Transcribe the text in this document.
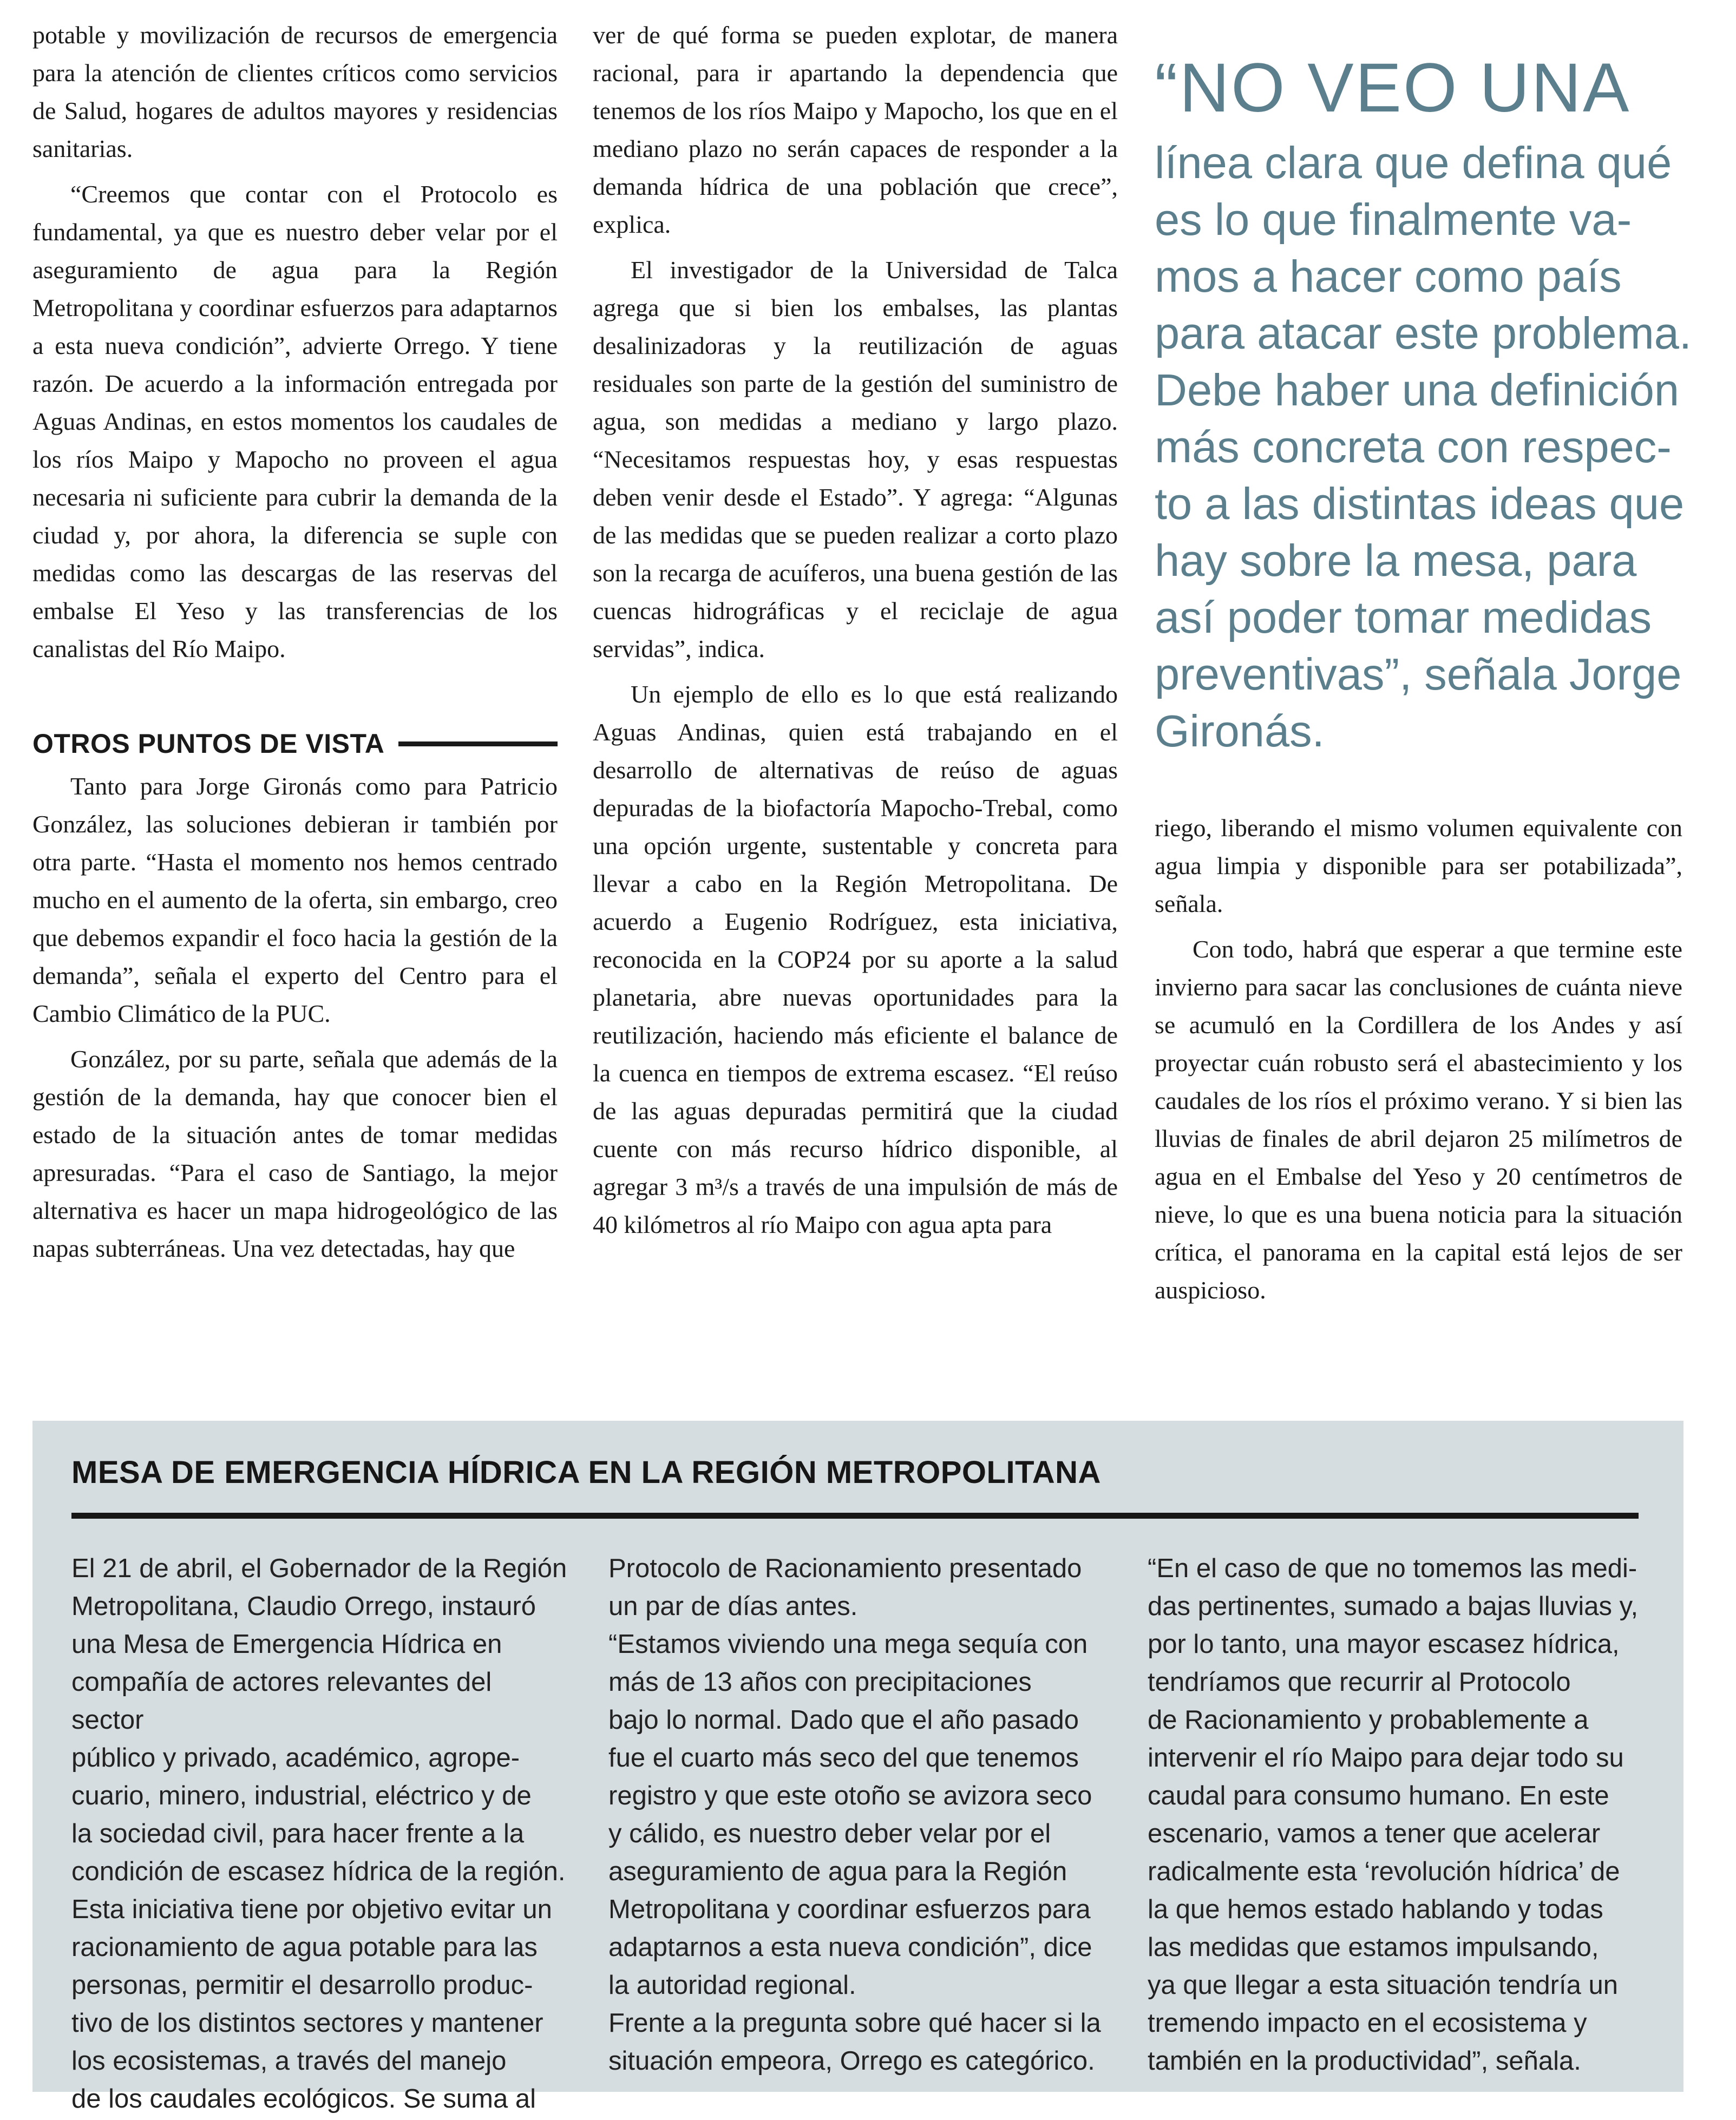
potable y movilización de recursos de emergencia para la atención de clientes críticos como servicios de Salud, hogares de adultos mayores y residencias sanitarias.

“Creemos que contar con el Protocolo es fundamental, ya que es nuestro deber velar por el aseguramiento de agua para la Región Metropolitana y coordinar esfuerzos para adaptarnos a esta nueva condición”, advierte Orrego. Y tiene razón. De acuerdo a la información entregada por Aguas Andinas, en estos momentos los caudales de los ríos Maipo y Mapocho no proveen el agua necesaria ni suficiente para cubrir la demanda de la ciudad y, por ahora, la diferencia se suple con medidas como las descargas de las reservas del embalse El Yeso y las transferencias de los canalistas del Río Maipo.

OTROS PUNTOS DE VISTA

Tanto para Jorge Gironás como para Patricio González, las soluciones debieran ir también por otra parte. “Hasta el momento nos hemos centrado mucho en el aumento de la oferta, sin embargo, creo que debemos expandir el foco hacia la gestión de la demanda”, señala el experto del Centro para el Cambio Climático de la PUC.

González, por su parte, señala que además de la gestión de la demanda, hay que conocer bien el estado de la situación antes de tomar medidas apresuradas. “Para el caso de Santiago, la mejor alternativa es hacer un mapa hidrogeológico de las napas subterráneas. Una vez detectadas, hay que

ver de qué forma se pueden explotar, de manera racional, para ir apartando la dependencia que tenemos de los ríos Maipo y Mapocho, los que en el mediano plazo no serán capaces de responder a la demanda hídrica de una población que crece”, explica.

El investigador de la Universidad de Talca agrega que si bien los embalses, las plantas desalinizadoras y la reutilización de aguas residuales son parte de la gestión del suministro de agua, son medidas a mediano y largo plazo. “Necesitamos respuestas hoy, y esas respuestas deben venir desde el Estado”. Y agrega: “Algunas de las medidas que se pueden realizar a corto plazo son la recarga de acuíferos, una buena gestión de las cuencas hidrográficas y el reciclaje de agua servidas”, indica.

Un ejemplo de ello es lo que está realizando Aguas Andinas, quien está trabajando en el desarrollo de alternativas de reúso de aguas depuradas de la biofactoría Mapocho-Trebal, como una opción urgente, sustentable y concreta para llevar a cabo en la Región Metropolitana. De acuerdo a Eugenio Rodríguez, esta iniciativa, reconocida en la COP24 por su aporte a la salud planetaria, abre nuevas oportunidades para la reutilización, haciendo más eficiente el balance de la cuenca en tiempos de extrema escasez. “El reúso de las aguas depuradas permitirá que la ciudad cuente con más recurso hídrico disponible, al agregar 3 m³/s a través de una impulsión de más de 40 kilómetros al río Maipo con agua apta para

“NO VEO UNA
línea clara que defina qué
es lo que finalmente va-
mos a hacer como país
para atacar este problema.
Debe haber una definición
más concreta con respec-
to a las distintas ideas que
hay sobre la mesa, para
así poder tomar medidas
preventivas”, señala Jorge
Gironás.

riego, liberando el mismo volumen equivalente con agua limpia y disponible para ser potabilizada”, señala.

Con todo, habrá que esperar a que termine este invierno para sacar las conclusiones de cuánta nieve se acumuló en la Cordillera de los Andes y así proyectar cuán robusto será el abastecimiento y los caudales de los ríos el próximo verano. Y si bien las lluvias de finales de abril dejaron 25 milímetros de agua en el Embalse del Yeso y 20 centímetros de nieve, lo que es una buena noticia para la situación crítica, el panorama en la capital está lejos de ser auspicioso.

MESA DE EMERGENCIA HÍDRICA EN LA REGIÓN METROPOLITANA

El 21 de abril, el Gobernador de la Región

Metropolitana, Claudio Orrego, instauró

una Mesa de Emergencia Hídrica en

compañía de actores relevantes del sector

público y privado, académico, agrope-

cuario, minero, industrial, eléctrico y de

la sociedad civil, para hacer frente a la

condición de escasez hídrica de la región.

Esta iniciativa tiene por objetivo evitar un

racionamiento de agua potable para las

personas, permitir el desarrollo produc-

tivo de los distintos sectores y mantener

los ecosistemas, a través del manejo

de los caudales ecológicos. Se suma al

Protocolo de Racionamiento presentado

un par de días antes.

“Estamos viviendo una mega sequía con

más de 13 años con precipitaciones

bajo lo normal. Dado que el año pasado

fue el cuarto más seco del que tenemos

registro y que este otoño se avizora seco

y cálido, es nuestro deber velar por el

aseguramiento de agua para la Región

Metropolitana y coordinar esfuerzos para

adaptarnos a esta nueva condición”, dice

la autoridad regional.

Frente a la pregunta sobre qué hacer si la

situación empeora, Orrego es categórico.

“En el caso de que no tomemos las medi-

das pertinentes, sumado a bajas lluvias y,

por lo tanto, una mayor escasez hídrica,

tendríamos que recurrir al Protocolo

de Racionamiento y probablemente a

intervenir el río Maipo para dejar todo su

caudal para consumo humano. En este

escenario, vamos a tener que acelerar

radicalmente esta ‘revolución hídrica’ de

la que hemos estado hablando y todas

las medidas que estamos impulsando,

ya que llegar a esta situación tendría un

tremendo impacto en el ecosistema y

también en la productividad”, señala.
